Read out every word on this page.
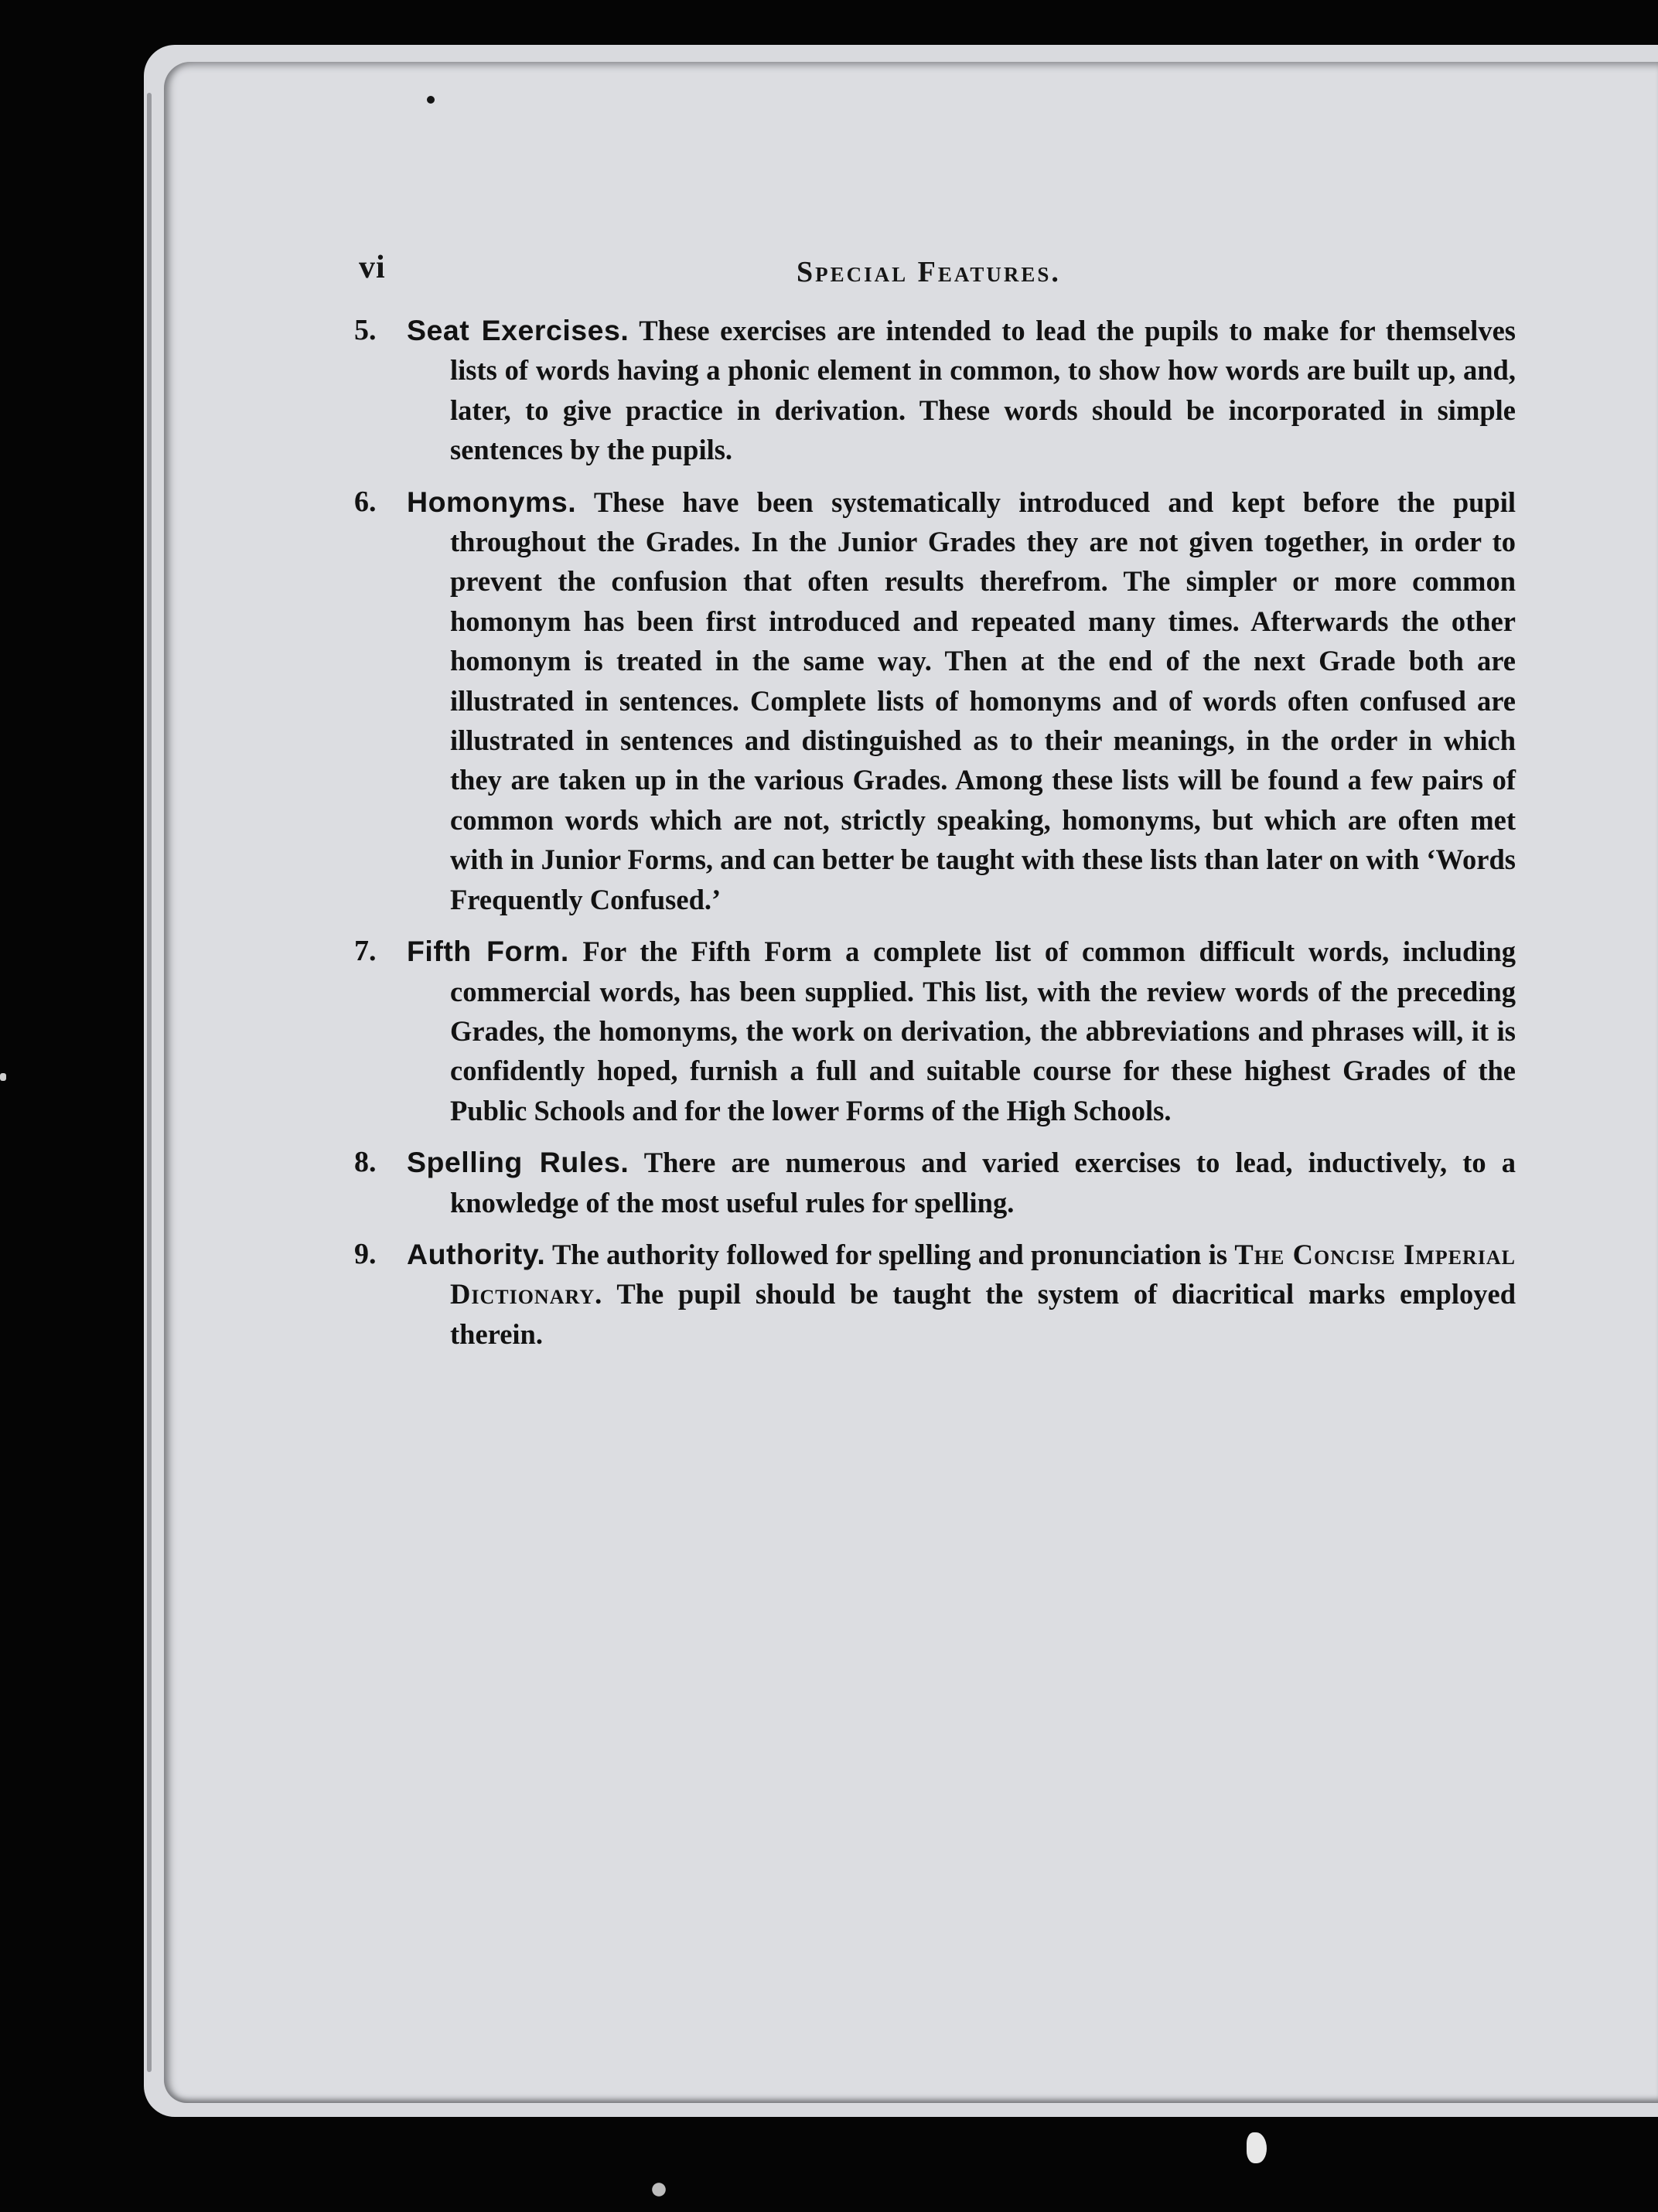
vi	Special Features.
5. Seat Exercises. These exercises are intended to lead the pupils to make for themselves lists of words having a phonic element in common, to show how words are built up, and, later, to give practice in derivation. These words should be incorporated in simple sentences by the pupils.
6. Homonyms. These have been systematically introduced and kept before the pupil throughout the Grades. In the Junior Grades they are not given together, in order to prevent the confusion that often results therefrom. The simpler or more common homonym has been first introduced and repeated many times. Afterwards the other homonym is treated in the same way. Then at the end of the next Grade both are illustrated in sentences. Complete lists of homonyms and of words often confused are illustrated in sentences and distinguished as to their meanings, in the order in which they are taken up in the various Grades. Among these lists will be found a few pairs of common words which are not, strictly speaking, homonyms, but which are often met with in Junior Forms, and can better be taught with these lists than later on with ‘Words Frequently Confused.’
7. Fifth Form. For the Fifth Form a complete list of common difficult words, including commercial words, has been supplied. This list, with the review words of the preceding Grades, the homonyms, the work on derivation, the abbreviations and phrases will, it is confidently hoped, furnish a full and suitable course for these highest Grades of the Public Schools and for the lower Forms of the High Schools.
8. Spelling Rules. There are numerous and varied exercises to lead, inductively, to a knowledge of the most useful rules for spelling.
9. Authority. The authority followed for spelling and pronunciation is The Concise Imperial Dictionary. The pupil should be taught the system of diacritical marks employed therein.
